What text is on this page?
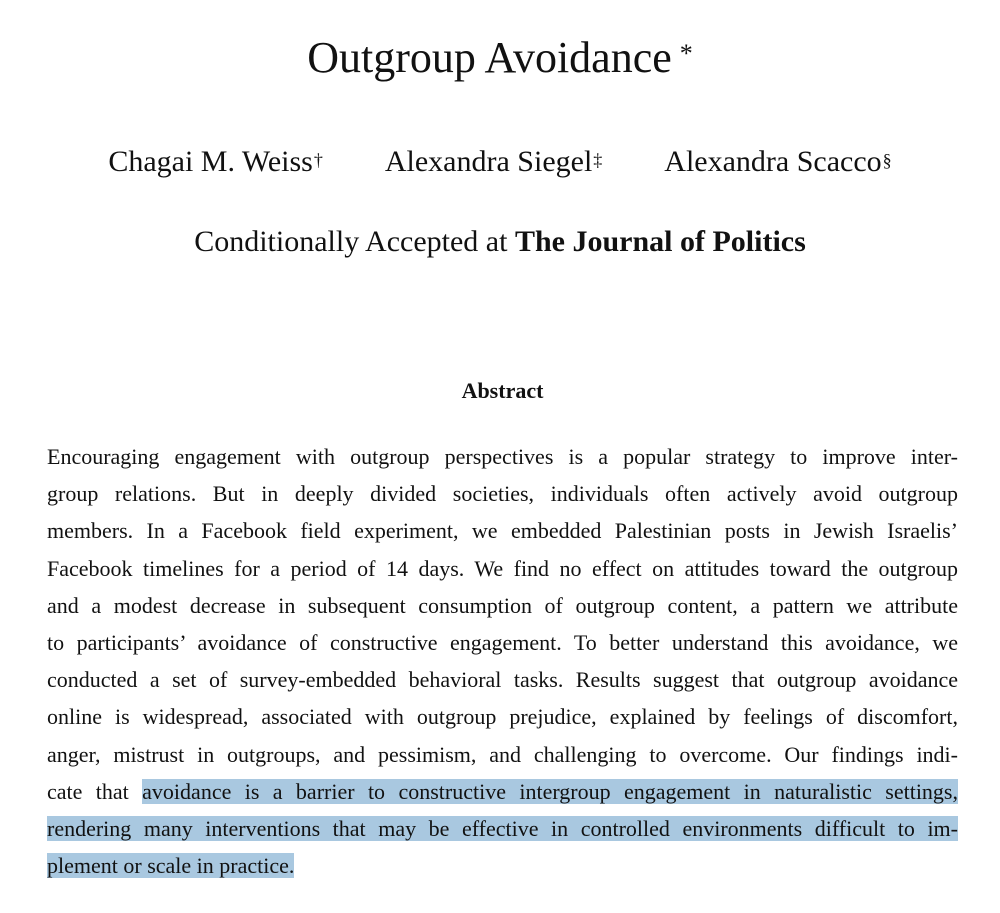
Outgroup Avoidance *
Chagai M. Weiss† Alexandra Siegel‡ Alexandra Scacco§
Conditionally Accepted at The Journal of Politics
Abstract
Encouraging engagement with outgroup perspectives is a popular strategy to improve inter-
group relations. But in deeply divided societies, individuals often actively avoid outgroup
members. In a Facebook field experiment, we embedded Palestinian posts in Jewish Israelis’
Facebook timelines for a period of 14 days. We find no effect on attitudes toward the outgroup
and a modest decrease in subsequent consumption of outgroup content, a pattern we attribute
to participants’ avoidance of constructive engagement. To better understand this avoidance, we
conducted a set of survey-embedded behavioral tasks. Results suggest that outgroup avoidance
online is widespread, associated with outgroup prejudice, explained by feelings of discomfort,
anger, mistrust in outgroups, and pessimism, and challenging to overcome. Our findings indi-
cate that avoidance is a barrier to constructive intergroup engagement in naturalistic settings,
rendering many interventions that may be effective in controlled environments difficult to im-
plement or scale in practice.
